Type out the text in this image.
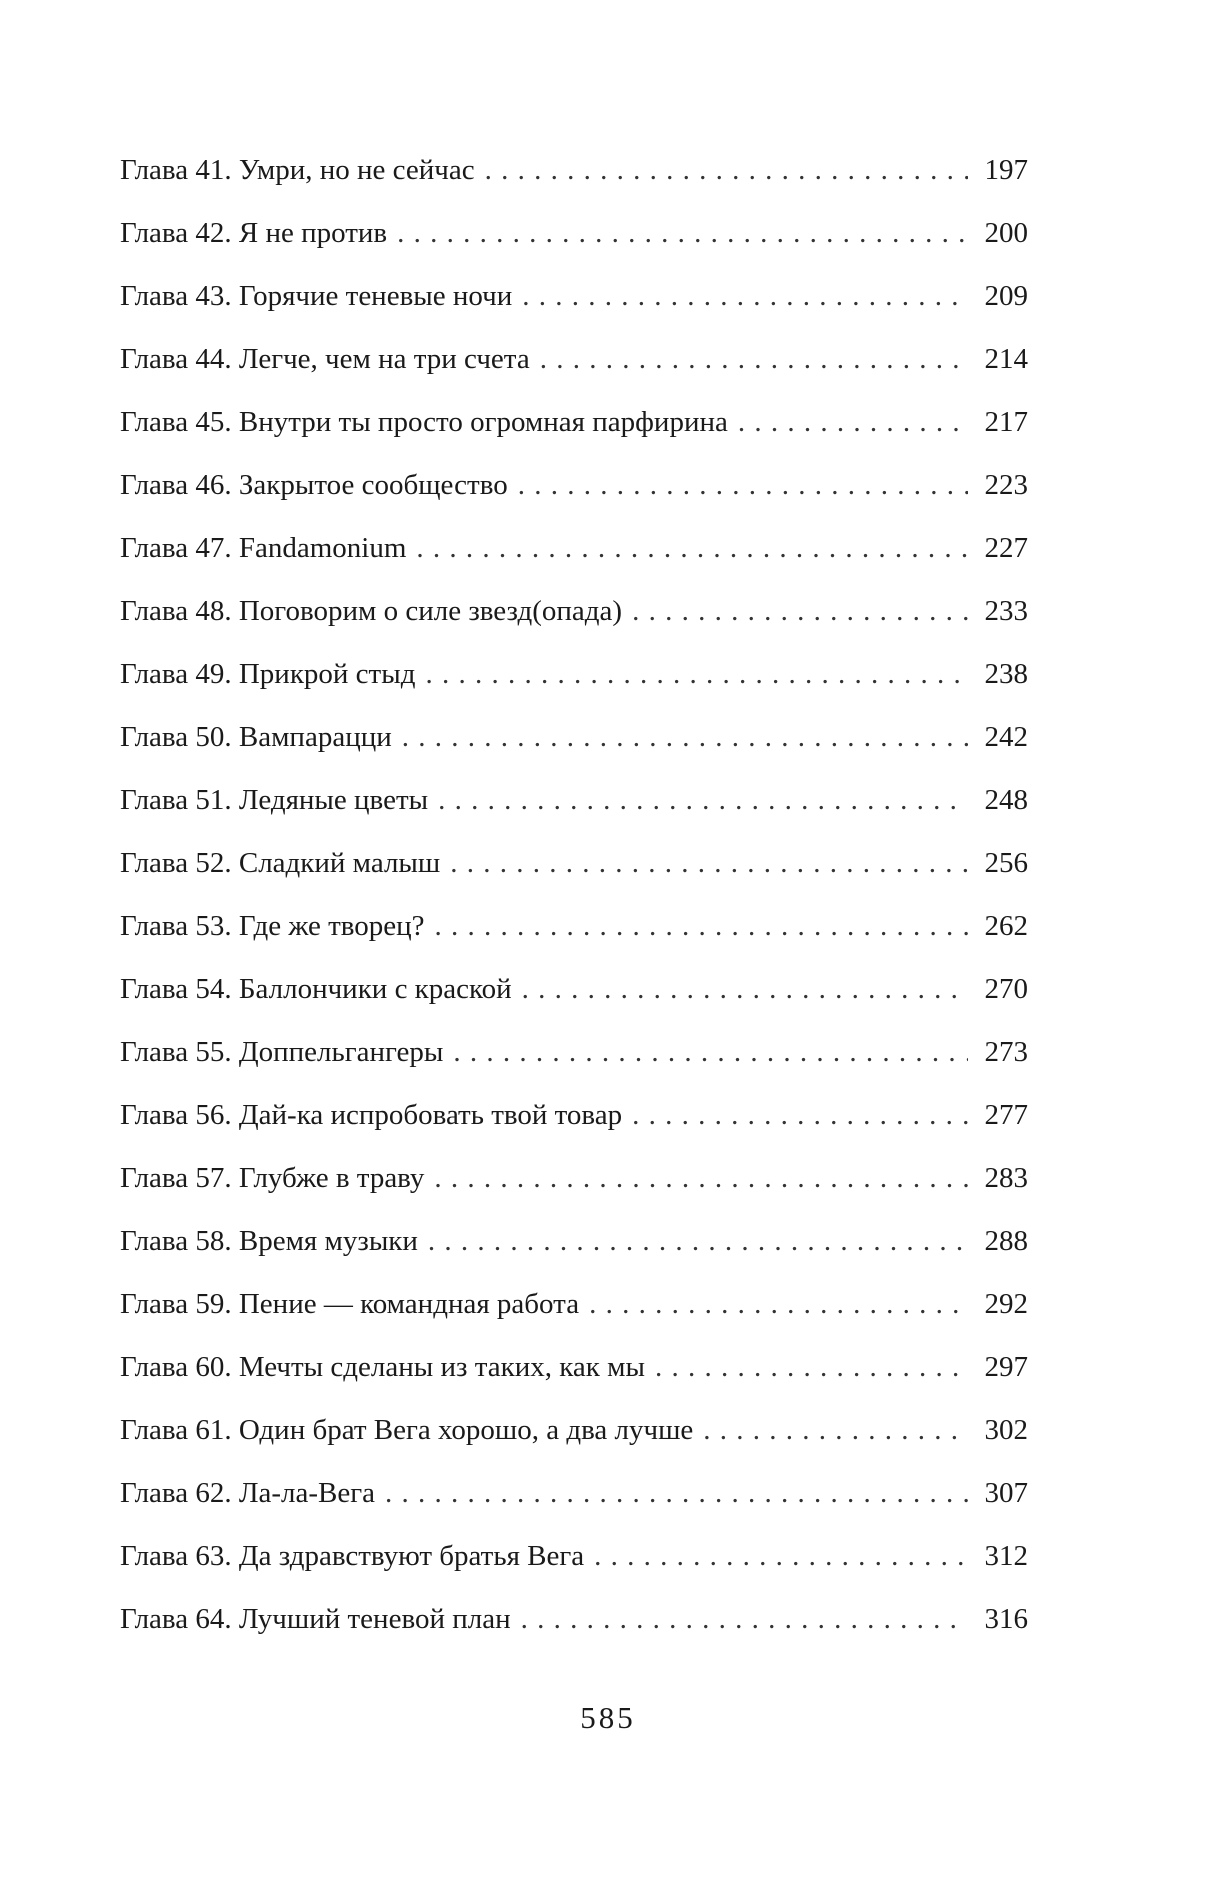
Глава 41. Умри, но не сейчас . . .	197
Глава 42. Я не против . . .	200
Глава 43. Горячие теневые ночи . . .	209
Глава 44. Легче, чем на три счета . . .	214
Глава 45. Внутри ты просто огромная парфирина . . .	217
Глава 46. Закрытое сообщество . . .	223
Глава 47. Fandamonium . . .	227
Глава 48. Поговорим о силе звезд(опада) . . .	233
Глава 49. Прикрой стыд . . .	238
Глава 50. Вампарацци . . .	242
Глава 51. Ледяные цветы . . .	248
Глава 52. Сладкий малыш . . .	256
Глава 53. Где же творец? . . .	262
Глава 54. Баллончики с краской . . .	270
Глава 55. Доппельгангеры . . .	273
Глава 56. Дай-ка испробовать твой товар . . .	277
Глава 57. Глубже в траву . . .	283
Глава 58. Время музыки . . .	288
Глава 59. Пение — командная работа . . .	292
Глава 60. Мечты сделаны из таких, как мы . . .	297
Глава 61. Один брат Вега хорошо, а два лучше . . .	302
Глава 62. Ла-ла-Вега . . .	307
Глава 63. Да здравствуют братья Вега . . .	312
Глава 64. Лучший теневой план . . .	316
585
